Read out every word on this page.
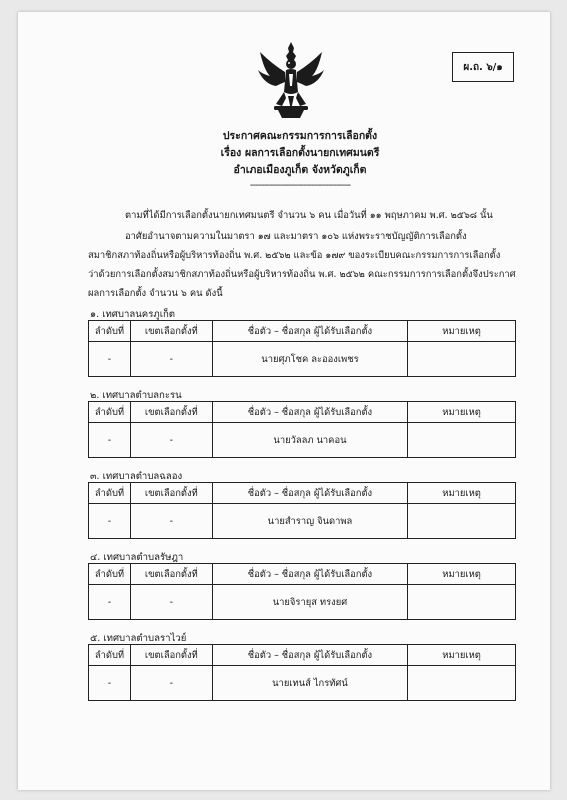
ผ.ถ. ๖/๑
ประกาศคณะกรรมการการเลือกตั้ง
เรื่อง ผลการเลือกตั้งนายกเทศมนตรี
อำเภอเมืองภูเก็ต จังหวัดภูเก็ต
------------------------------------
ตามที่ได้มีการเลือกตั้งนายกเทศมนตรี จำนวน ๖ คน เมื่อวันที่ ๑๑ พฤษภาคม พ.ศ. ๒๕๖๘ นั้น
อาศัยอำนาจตามความในมาตรา ๑๗ และมาตรา ๑๐๖ แห่งพระราชบัญญัติการเลือกตั้ง
สมาชิกสภาท้องถิ่นหรือผู้บริหารท้องถิ่น พ.ศ. ๒๕๖๒ และข้อ ๑๗๙ ของระเบียบคณะกรรมการการเลือกตั้ง
ว่าด้วยการเลือกตั้งสมาชิกสภาท้องถิ่นหรือผู้บริหารท้องถิ่น พ.ศ. ๒๕๖๒ คณะกรรมการการเลือกตั้งจึงประกาศ
ผลการเลือกตั้ง จำนวน ๖ คน ดังนี้
๑. เทศบาลนครภูเก็ต
ลำดับที่	เขตเลือกตั้งที่	ชื่อตัว – ชื่อสกุล ผู้ได้รับเลือกตั้ง	หมายเหตุ
-	-	นายศุภโชค ละอองเพชร	
๒. เทศบาลตำบลกะรน
ลำดับที่	เขตเลือกตั้งที่	ชื่อตัว – ชื่อสกุล ผู้ได้รับเลือกตั้ง	หมายเหตุ
-	-	นายวัลลภ นาคอน	
๓. เทศบาลตำบลฉลอง
ลำดับที่	เขตเลือกตั้งที่	ชื่อตัว – ชื่อสกุล ผู้ได้รับเลือกตั้ง	หมายเหตุ
-	-	นายสำราญ จินดาพล	
๔. เทศบาลตำบลรัษฎา
ลำดับที่	เขตเลือกตั้งที่	ชื่อตัว – ชื่อสกุล ผู้ได้รับเลือกตั้ง	หมายเหตุ
-	-	นายจิรายุส ทรงยศ	
๕. เทศบาลตำบลราไวย์
ลำดับที่	เขตเลือกตั้งที่	ชื่อตัว – ชื่อสกุล ผู้ได้รับเลือกตั้ง	หมายเหตุ
-	-	นายเทนส์ ไกรทัศน์	
